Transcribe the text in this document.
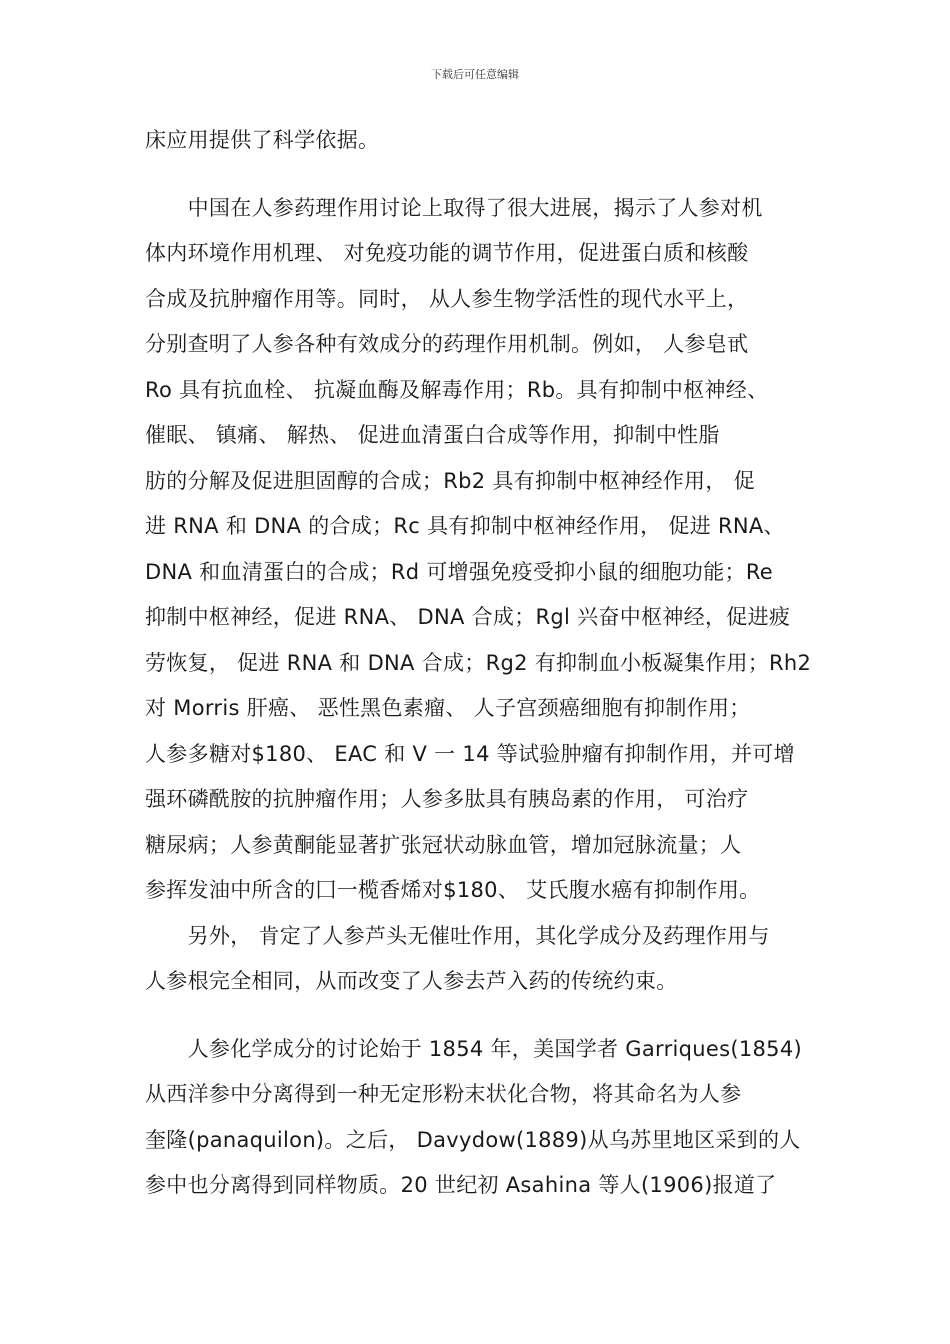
下载后可任意编辑
床应用提供了科学依据。
　　中国在人参药理作用讨论上取得了很大进展，揭示了人参对机
体内环境作用机理、 对免疫功能的调节作用，促进蛋白质和核酸
合成及抗肿瘤作用等。同时， 从人参生物学活性的现代水平上，
分别查明了人参各种有效成分的药理作用机制。例如， 人参皂甙
Ro 具有抗血栓、 抗凝血酶及解毒作用；Rb。具有抑制中枢神经、
催眠、 镇痛、 解热、 促进血清蛋白合成等作用，抑制中性脂
肪的分解及促进胆固醇的合成；Rb2 具有抑制中枢神经作用， 促
进 RNA 和 DNA 的合成；Rc 具有抑制中枢神经作用， 促进 RNA、
DNA 和血清蛋白的合成；Rd 可增强免疫受抑小鼠的细胞功能；Re
抑制中枢神经，促进 RNA、 DNA 合成；Rgl 兴奋中枢神经，促进疲
劳恢复， 促进 RNA 和 DNA 合成；Rg2 有抑制血小板凝集作用；Rh2
对 Morris 肝癌、 恶性黑色素瘤、 人子宫颈癌细胞有抑制作用；
人参多糖对$180、 EAC 和 V 一 14 等试验肿瘤有抑制作用，并可增
强环磷酰胺的抗肿瘤作用；人参多肽具有胰岛素的作用， 可治疗
糖尿病；人参黄酮能显著扩张冠状动脉血管，增加冠脉流量；人
参挥发油中所含的囗一榄香烯对$180、 艾氏腹水癌有抑制作用。
　　另外， 肯定了人参芦头无催吐作用，其化学成分及药理作用与
人参根完全相同，从而改变了人参去芦入药的传统约束。
　　人参化学成分的讨论始于 1854 年，美国学者 Garriques(1854)
从西洋参中分离得到一种无定形粉末状化合物，将其命名为人参
奎隆(panaquilon)。之后， Davydow(1889)从乌苏里地区采到的人
参中也分离得到同样物质。20 世纪初 Asahina 等人(1906)报道了
